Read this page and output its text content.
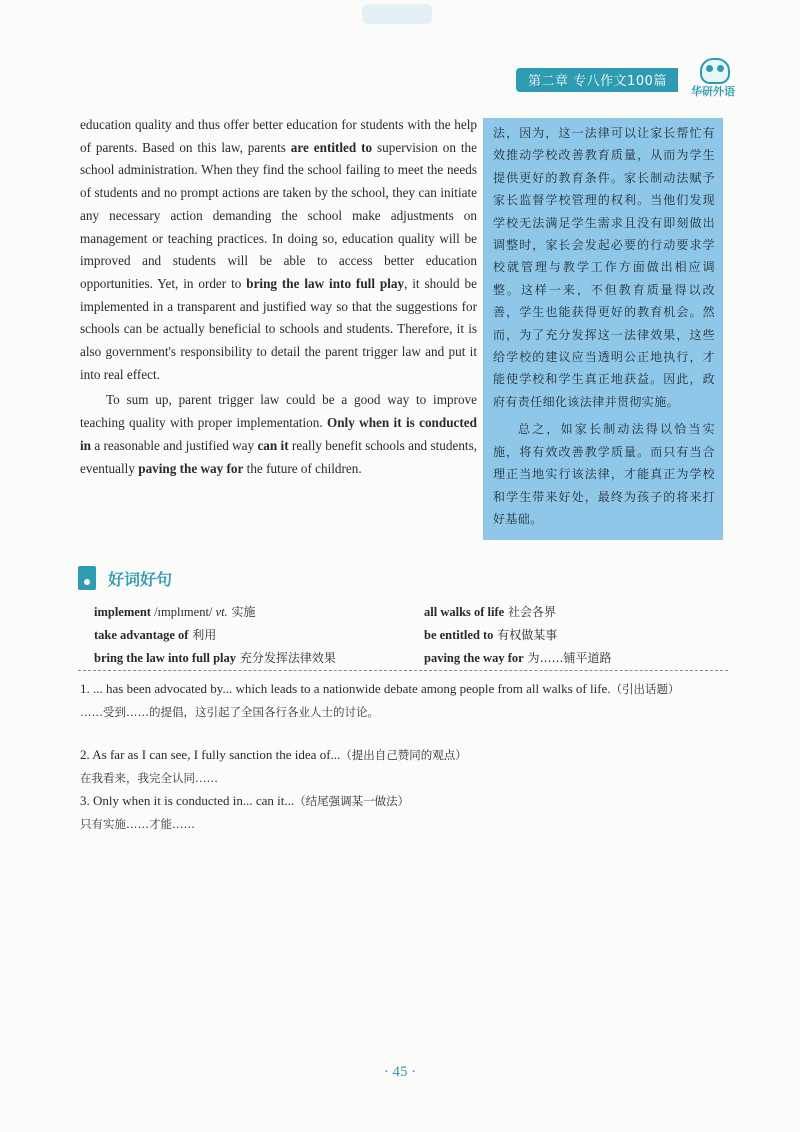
第二章 专八作文100篇
华研外语

education quality and thus offer better education for students with the help of parents. Based on this law, parents are entitled to supervision on the school administration. When they find the school failing to meet the needs of students and no prompt actions are taken by the school, they can initiate any necessary action demanding the school make adjustments on management or teaching practices. In doing so, education quality will be improved and students will be able to access better education opportunities. Yet, in order to bring the law into full play, it should be implemented in a transparent and justified way so that the suggestions for schools can be actually beneficial to schools and students. Therefore, it is also government's responsibility to detail the parent trigger law and put it into real effect.

To sum up, parent trigger law could be a good way to improve teaching quality with proper implementation. Only when it is conducted in a reasonable and justified way can it really benefit schools and students, eventually paving the way for the future of children.

法，因为，这一法律可以让家长帮忙有效推动学校改善教育质量，从而为学生提供更好的教育条件。家长制动法赋予家长监督学校管理的权利。当他们发现学校无法满足学生需求且没有即刻做出调整时，家长会发起必要的行动要求学校就管理与教学工作方面做出相应调整。这样一来，不但教育质量得以改善，学生也能获得更好的教育机会。然而，为了充分发挥这一法律效果，这些给学校的建议应当透明公正地执行，才能使学校和学生真正地获益。因此，政府有责任细化该法律并贯彻实施。

总之，如家长制动法得以恰当实施，将有效改善教学质量。而只有当合理正当地实行该法律，才能真正为学校和学生带来好处，最终为孩子的将来打好基础。

好词好句
implement /ɪmplɪment/ vt. 实施	all walks of life 社会各界
take advantage of 利用	be entitled to 有权做某事
bring the law into full play 充分发挥法律效果	paving the way for 为……铺平道路
1. ... has been advocated by... which leads to a nationwide debate among people from all walks of life.（引出话题）
……受到……的提倡，这引起了全国各行各业人士的讨论。
2. As far as I can see, I fully sanction the idea of...（提出自己赞同的观点）
在我看来，我完全认同……
3. Only when it is conducted in... can it...（结尾强调某一做法）
只有实施……才能……
· 45 ·
